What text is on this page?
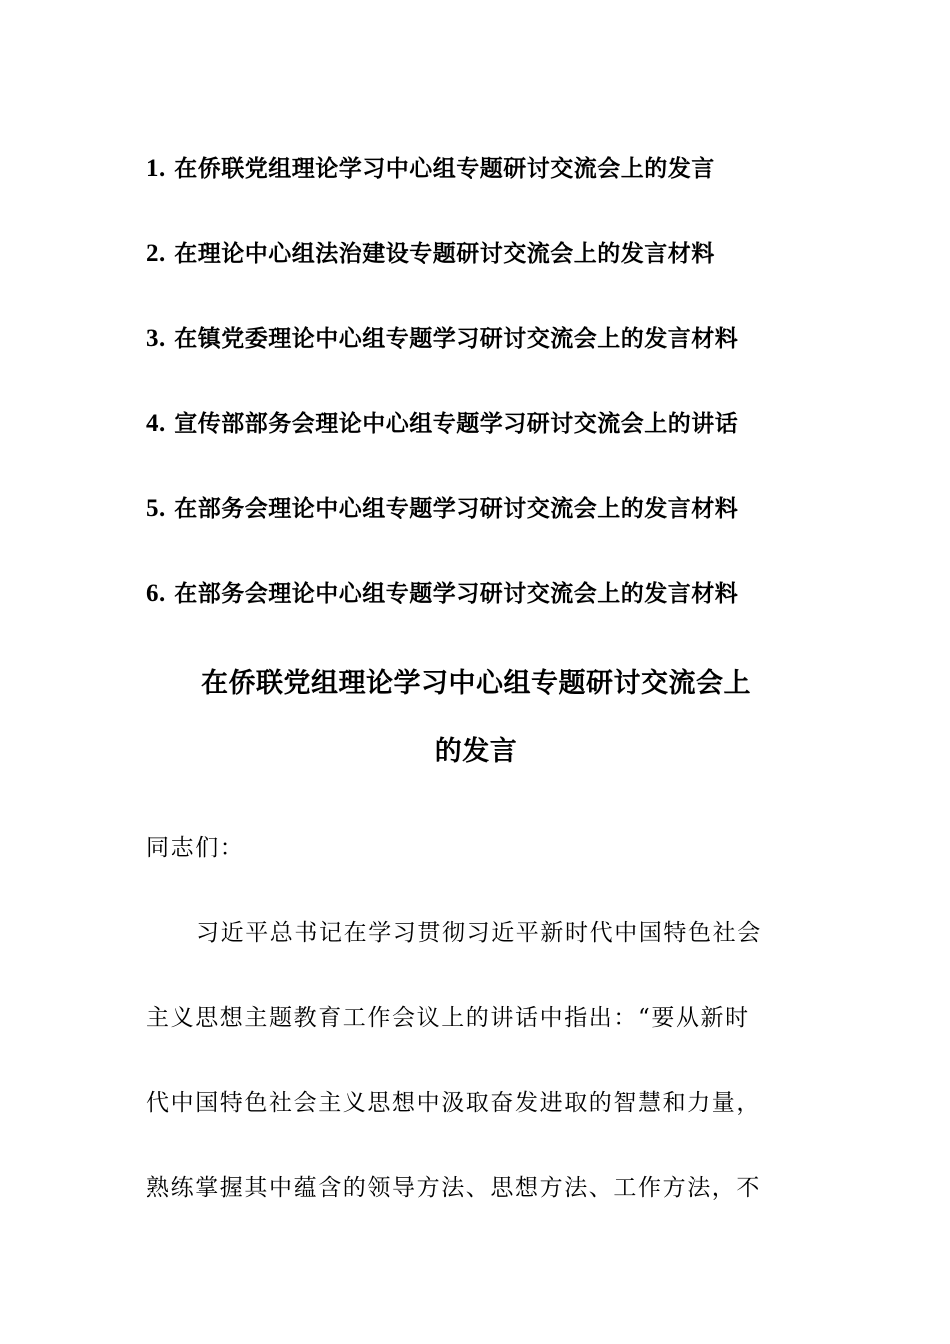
1. 在侨联党组理论学习中心组专题研讨交流会上的发言
2. 在理论中心组法治建设专题研讨交流会上的发言材料
3. 在镇党委理论中心组专题学习研讨交流会上的发言材料
4. 宣传部部务会理论中心组专题学习研讨交流会上的讲话
5. 在部务会理论中心组专题学习研讨交流会上的发言材料
6. 在部务会理论中心组专题学习研讨交流会上的发言材料
在侨联党组理论学习中心组专题研讨交流会上
的发言

同志们：

习近平总书记在学习贯彻习近平新时代中国特色社会

主义思想主题教育工作会议上的讲话中指出：“要从新时

代中国特色社会主义思想中汲取奋发进取的智慧和力量，

熟练掌握其中蕴含的领导方法、思想方法、工作方法，不
